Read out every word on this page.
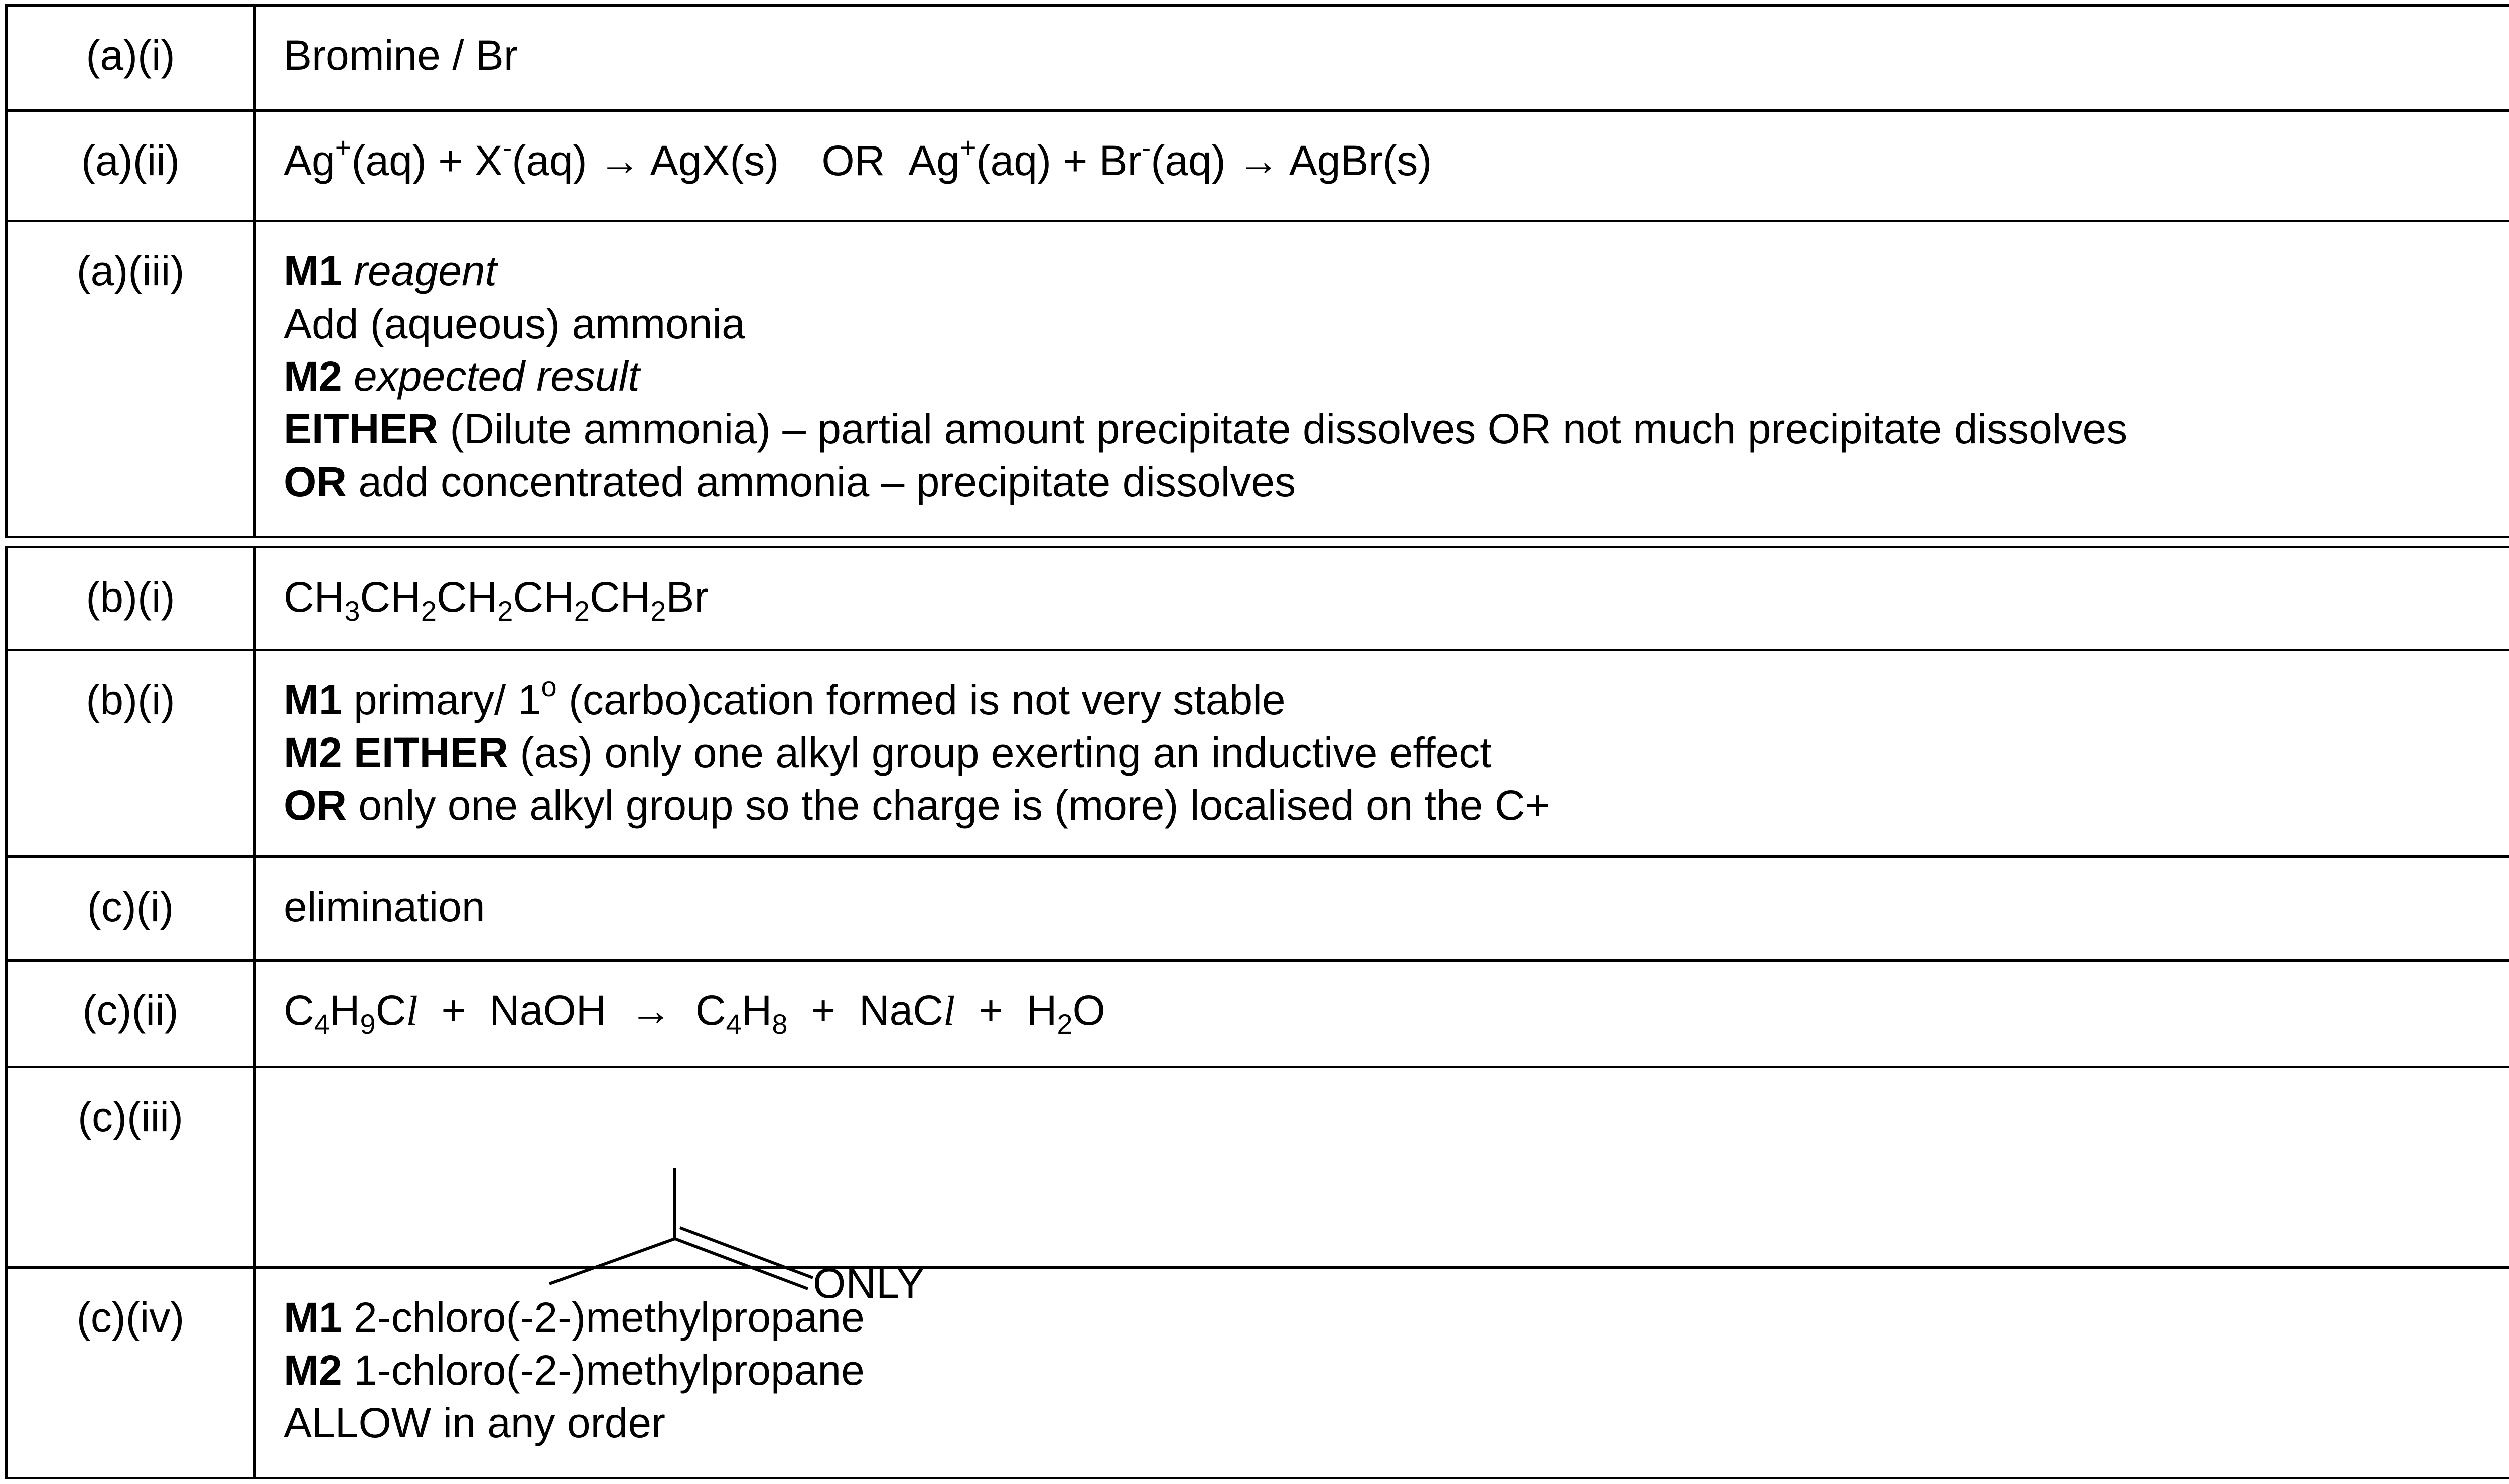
(a)(i)	Bromine / Br
(a)(ii)	Ag+(aq) + X-(aq) → AgX(s) OR Ag+(aq) + Br-(aq) → AgBr(s)
(a)(iii)	M1 reagent
Add (aqueous) ammonia
M2 expected result
EITHER (Dilute ammonia) – partial amount precipitate dissolves OR not much precipitate dissolves
OR add concentrated ammonia – precipitate dissolves
(b)(i)	$CH_3CH_2CH_2CH_2CH_2Br$
(b)(i)	M1 primary/ 1$^o$ (carbo)cation formed is not very stable
M2 EITHER (as) only one alkyl group exerting an inductive effect
OR only one alkyl group so the charge is (more) localised on the C+
(c)(i)	elimination
(c)(ii)	$C_4H_9Cl$ +  NaOH  →  $C_4H_8$ +  NaCl +  $H_2O$
(c)(iii)
ONLY
(c)(iv)	M1 2-chloro(-2-)methylpropane
M2 1-chloro(-2-)methylpropane
ALLOW in any order
